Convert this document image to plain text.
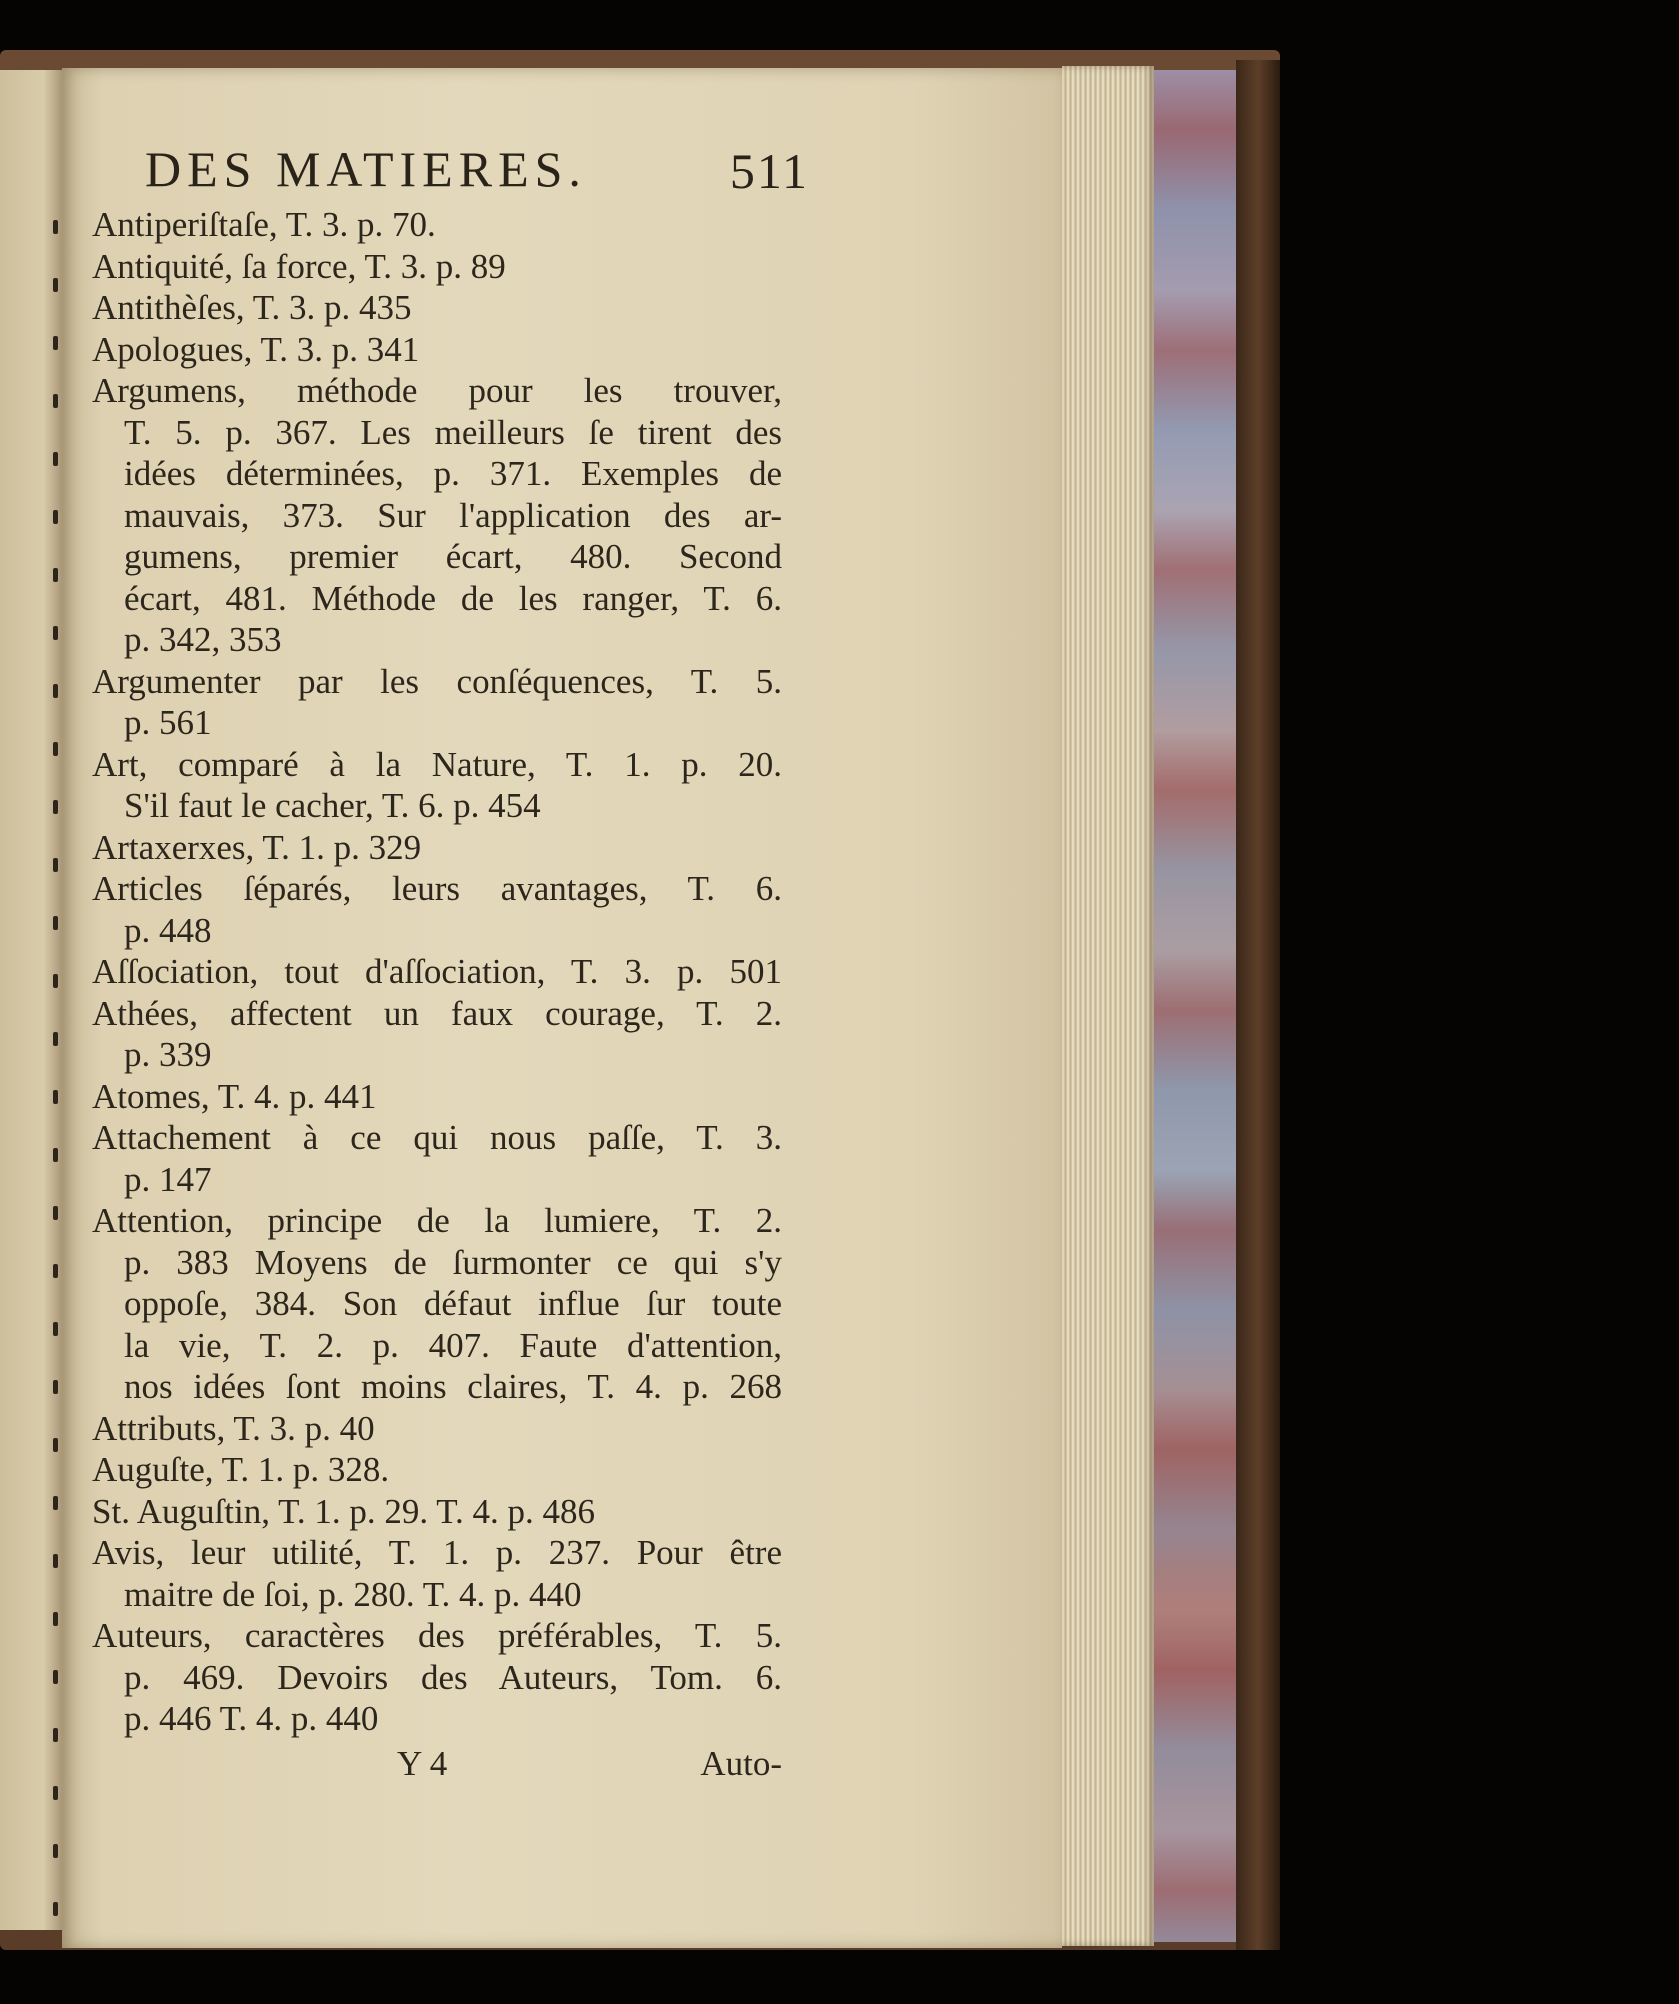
DES MATIERES.	511
Antiperiſtaſe, T. 3. p. 70.
Antiquité, ſa force, T. 3. p. 89
Antithèſes, T. 3. p. 435
Apologues, T. 3. p. 341
Argumens, méthode pour les trouver,
T. 5. p. 367. Les meilleurs ſe tirent des
idées déterminées, p. 371. Exemples de
mauvais, 373. Sur l'application des ar-
gumens, premier écart, 480. Second
écart, 481. Méthode de les ranger, T. 6.
p. 342, 353
Argumenter par les conſéquences, T. 5.
p. 561
Art, comparé à la Nature, T. 1. p. 20.
S'il faut le cacher, T. 6. p. 454
Artaxerxes, T. 1. p. 329
Articles ſéparés, leurs avantages, T. 6.
p. 448
Aſſociation, tout d'aſſociation, T. 3. p. 501
Athées, affectent un faux courage, T. 2.
p. 339
Atomes, T. 4. p. 441
Attachement à ce qui nous paſſe, T. 3.
p. 147
Attention, principe de la lumiere, T. 2.
p. 383 Moyens de ſurmonter ce qui s'y
oppoſe, 384. Son défaut influe ſur toute
la vie, T. 2. p. 407. Faute d'attention,
nos idées ſont moins claires, T. 4. p. 268
Attributs, T. 3. p. 40
Auguſte, T. 1. p. 328.
St. Auguſtin, T. 1. p. 29. T. 4. p. 486
Avis, leur utilité, T. 1. p. 237. Pour être
maitre de ſoi, p. 280. T. 4. p. 440
Auteurs, caractères des préférables, T. 5.
p. 469. Devoirs des Auteurs, Tom. 6.
p. 446 T. 4. p. 440
Y 4	Auto-
